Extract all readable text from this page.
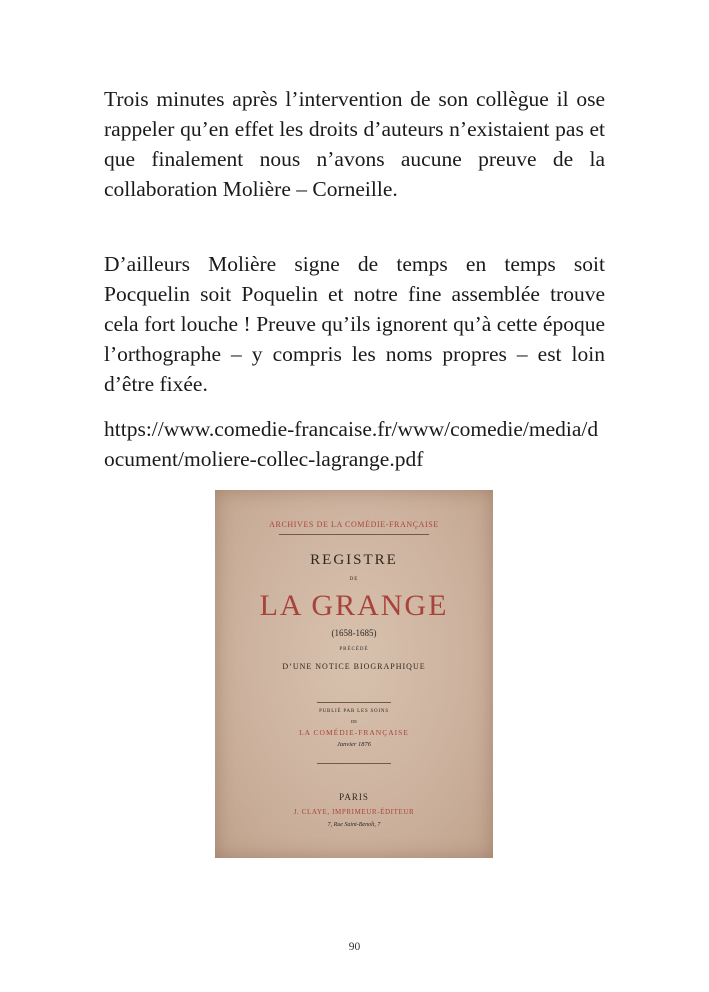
Trois minutes après l’intervention de son collègue il ose rappeler qu’en effet les droits d’auteurs n’existaient pas et que finalement nous n’avons aucune preuve de la collaboration Molière – Corneille.

D’ailleurs Molière signe de temps en temps soit Pocquelin soit Poquelin et notre fine assemblée trouve cela fort louche ! Preuve qu’ils ignorent qu’à cette époque l’orthographe – y compris les noms propres – est loin d’être fixée.

https://www.comedie-francaise.fr/www/comedie/media/document/moliere-collec-lagrange.pdf

ARCHIVES DE LA COMÉDIE-FRANÇAISE
REGISTRE
DE
LA GRANGE
(1658-1685)
PRÉCÉDÉ
D’UNE NOTICE BIOGRAPHIQUE
PUBLIÉ PAR LES SOINS
DE
LA COMÉDIE-FRANÇAISE
Janvier 1876
PARIS
J. CLAYE, IMPRIMEUR-ÉDITEUR
7, Rue Saint-Benoît, 7
90
